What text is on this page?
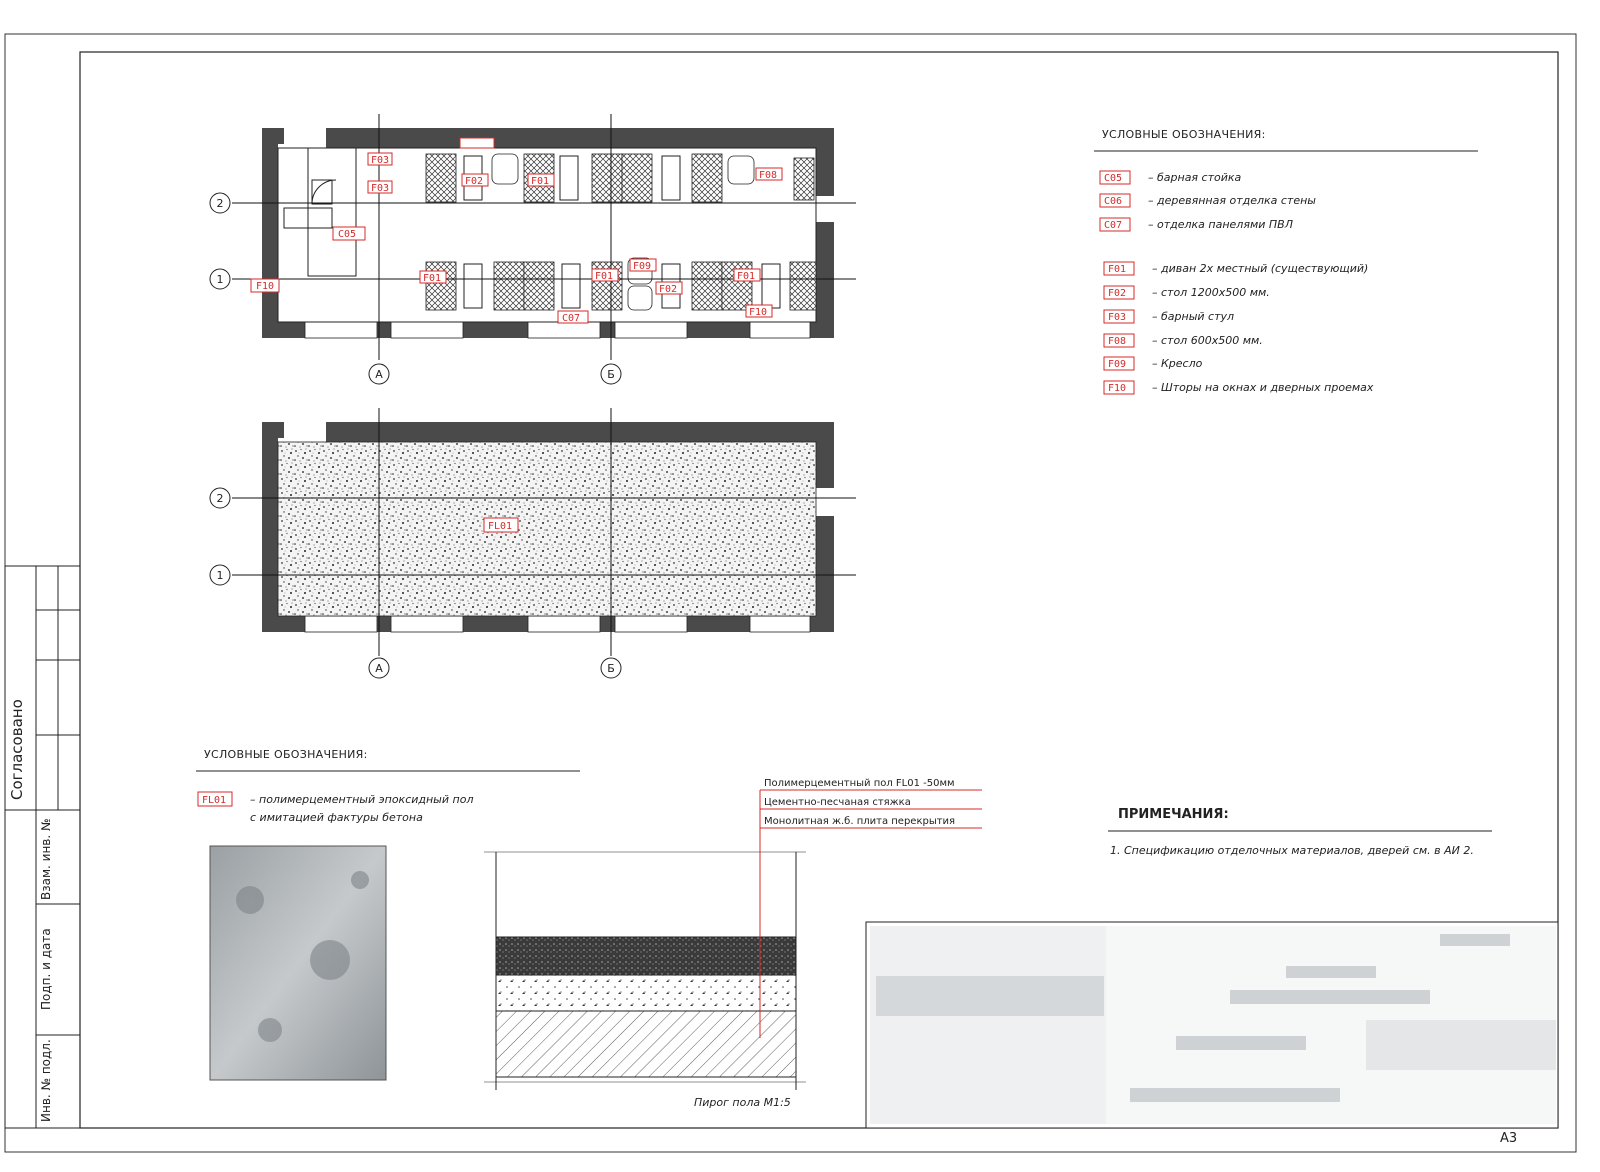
Согласовано
Взам. инв. №
Подп. и дата
Инв. № подл.
2
1
А	Б
F03
F03
F02	F01
F08
C05
F10
F01	F01
F09
F02
F10
C07
F01
2
1
А	Б
FL01
УСЛОВНЫЕ ОБОЗНАЧЕНИЯ:
C05 – барная стойка
C06 – деревянная отделка стены
C07 – отделка панелями ПВЛ
F01 – диван 2х местный (существующий)
F02 – стол 1200х500 мм.
F03 – барный стул
F08 – стол 600х500 мм.
F09 – Кресло
F10 – Шторы на окнах и дверных проемах
УСЛОВНЫЕ ОБОЗНАЧЕНИЯ:
FL01 – полимерцементный эпоксидный пол
с имитацией фактуры бетона
Полимерцементный пол FL01 -50мм
Цементно-песчаная стяжка
Монолитная ж.б. плита перекрытия
Пирог пола М1:5
ПРИМЕЧАНИЯ:
1. Спецификацию отделочных материалов, дверей см. в АИ 2.
А3
